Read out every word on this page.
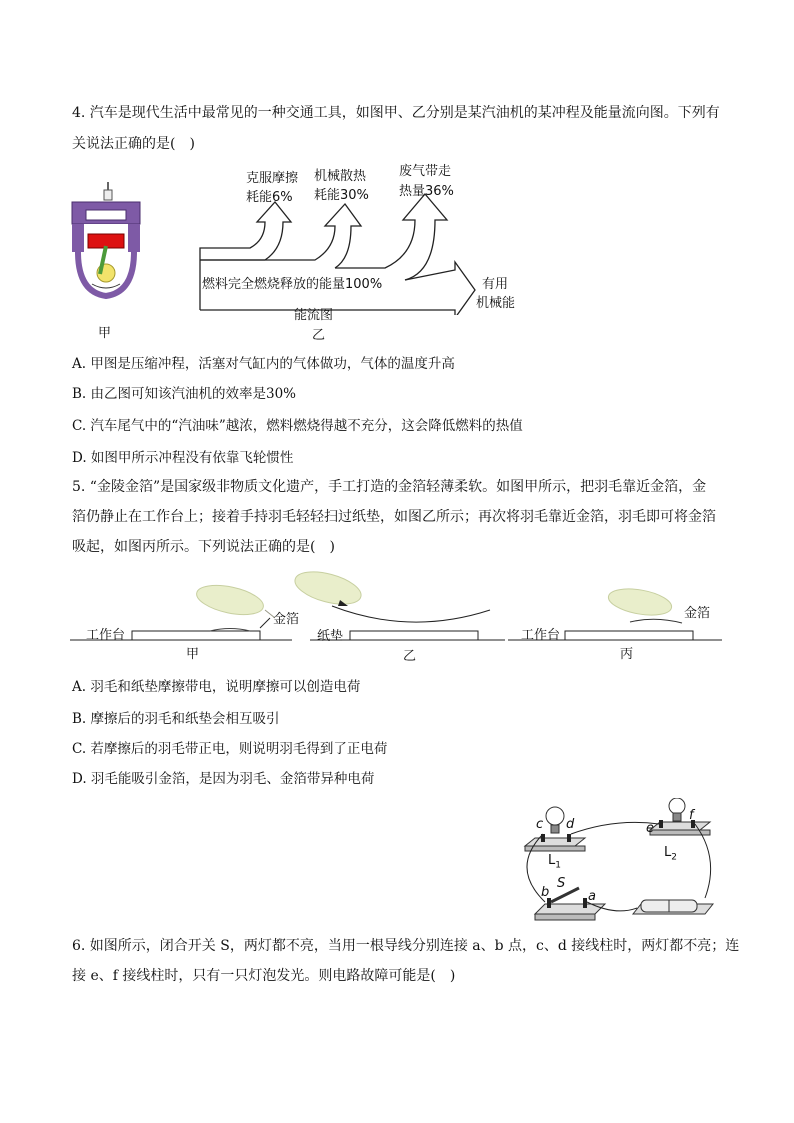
4. 汽车是现代生活中最常见的一种交通工具，如图甲、乙分别是某汽油机的某冲程及能量流向图。下列有
关说法正确的是(　)
甲
克服摩擦
耗能6%
机械散热
耗能30%
废气带走
热量36%
燃料完全燃烧释放的能量100%	有用
机械能
能流图
乙
A. 甲图是压缩冲程，活塞对气缸内的气体做功，气体的温度升高
B. 由乙图可知该汽油机的效率是30%
C. 汽车尾气中的“汽油味”越浓，燃料燃烧得越不充分，这会降低燃料的热值
D. 如图甲所示冲程没有依靠飞轮惯性
5. “金陵金箔”是国家级非物质文化遗产，手工打造的金箔轻薄柔软。如图甲所示，把羽毛靠近金箔，金
箔仍静止在工作台上；接着手持羽毛轻轻扫过纸垫，如图乙所示；再次将羽毛靠近金箔，羽毛即可将金箔
吸起，如图丙所示。下列说法正确的是(　)
工作台
金箔
甲
纸垫
乙
工作台
金箔
丙
A. 羽毛和纸垫摩擦带电，说明摩擦可以创造电荷
B. 摩擦后的羽毛和纸垫会相互吸引
C. 若摩擦后的羽毛带正电，则说明羽毛得到了正电荷
D. 羽毛能吸引金箔，是因为羽毛、金箔带异种电荷
c d	e
f
$L_1$
$L_2$
S
b	a
6. 如图所示，闭合开关 S，两灯都不亮，当用一根导线分别连接 a、b 点，c、d 接线柱时，两灯都不亮；连
接 e、f 接线柱时，只有一只灯泡发光。则电路故障可能是(　)
